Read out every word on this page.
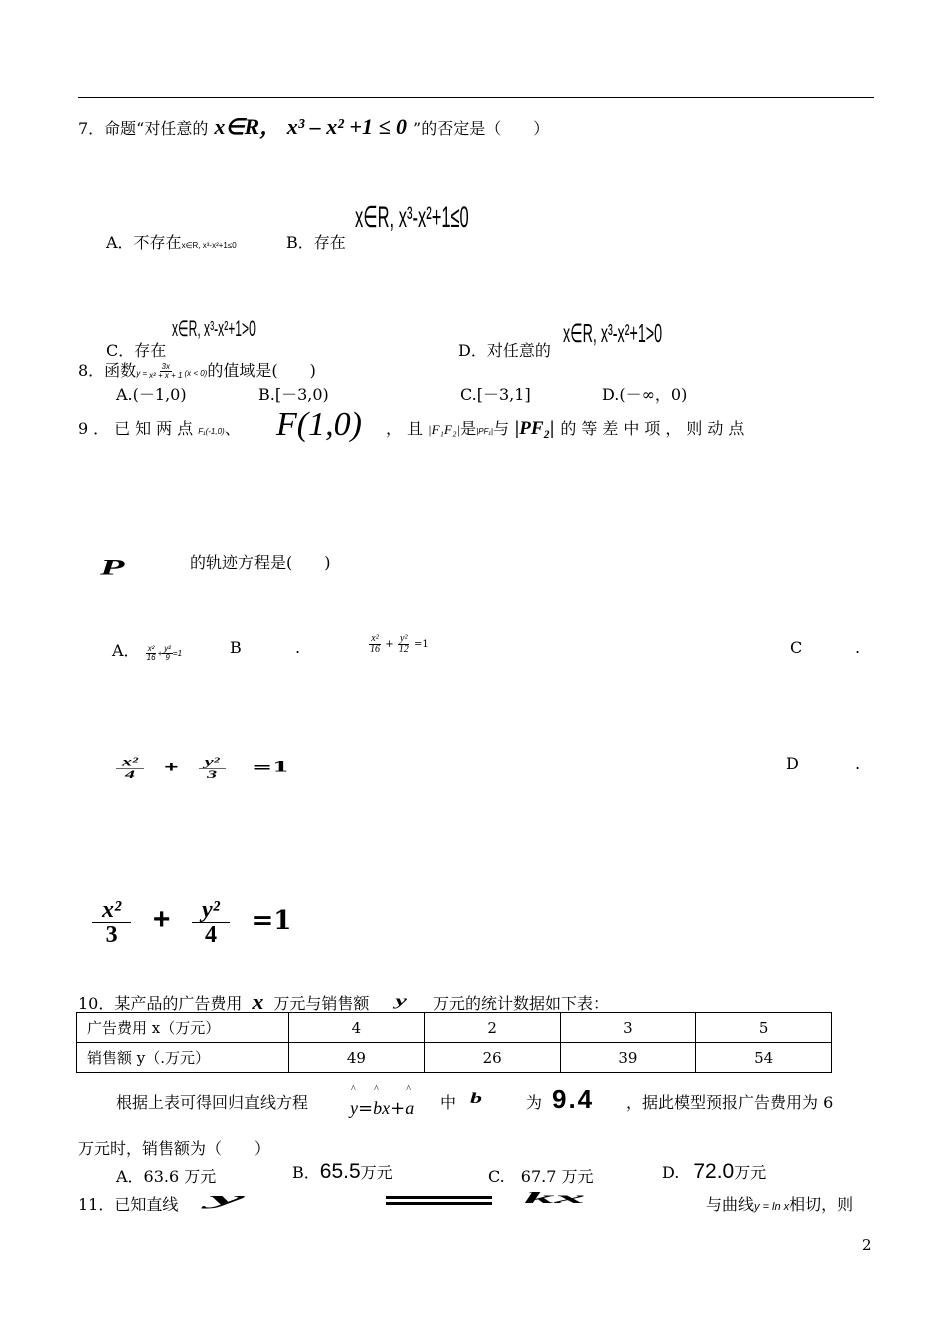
7．命题“对任意的 x∈R， x³ – x² +1 ≤ 0 ”的否定是（　　）
A．不存在x∈R, x³-x²+1≤0	B．存在
x∈R, x³-x²+1≤0
C．存在
x∈R, x³-x²+1>0
D．对任意的
x∈R, x³-x²+1>0
8．函数$y = \frac{3x}{\text{x² + x + 1}} (x < 0)$的值域是(　　)
A.(－1,0)	B.[－3,0)	C.[－3,1]	D.(－∞，0)
9．已知两点F₁(-1,0)、 F(1,0) ，且|F₁F₂|是|PF₁|与 |PF₂| 的等差中项，则动点
P	的轨迹方程是(　　)
A． $\frac{\text{x²}}{16} + \frac{\text{y²}}{9} =1$	B	.	$\frac{\text{x²}}{16} + \frac{\text{y²}}{12} =1$	C	.
$\frac{\text{x²}}{4} + \frac{\text{y²}}{3} =1$	D	.
$\frac{\text{x²}}{3} + \frac{\text{y²}}{4} =1$
10．某产品的广告费用 x 万元与销售额 y 万元的统计数据如下表：
广告费用 x（万元）	4	2	3	5
销售额 y（.万元）	49	26	39	54
根据上表可得回归直线方程 ^ y=^ bx+^ a 中 b	为 9.4 ，据此模型预报广告费用为 6
万元时，销售额为（　　）
A．63.6 万元	B．65.5万元	C.　67.7 万元	D. 72.0万元
11．已知直线 y	kx	与曲线y = ln x相切，则
2
